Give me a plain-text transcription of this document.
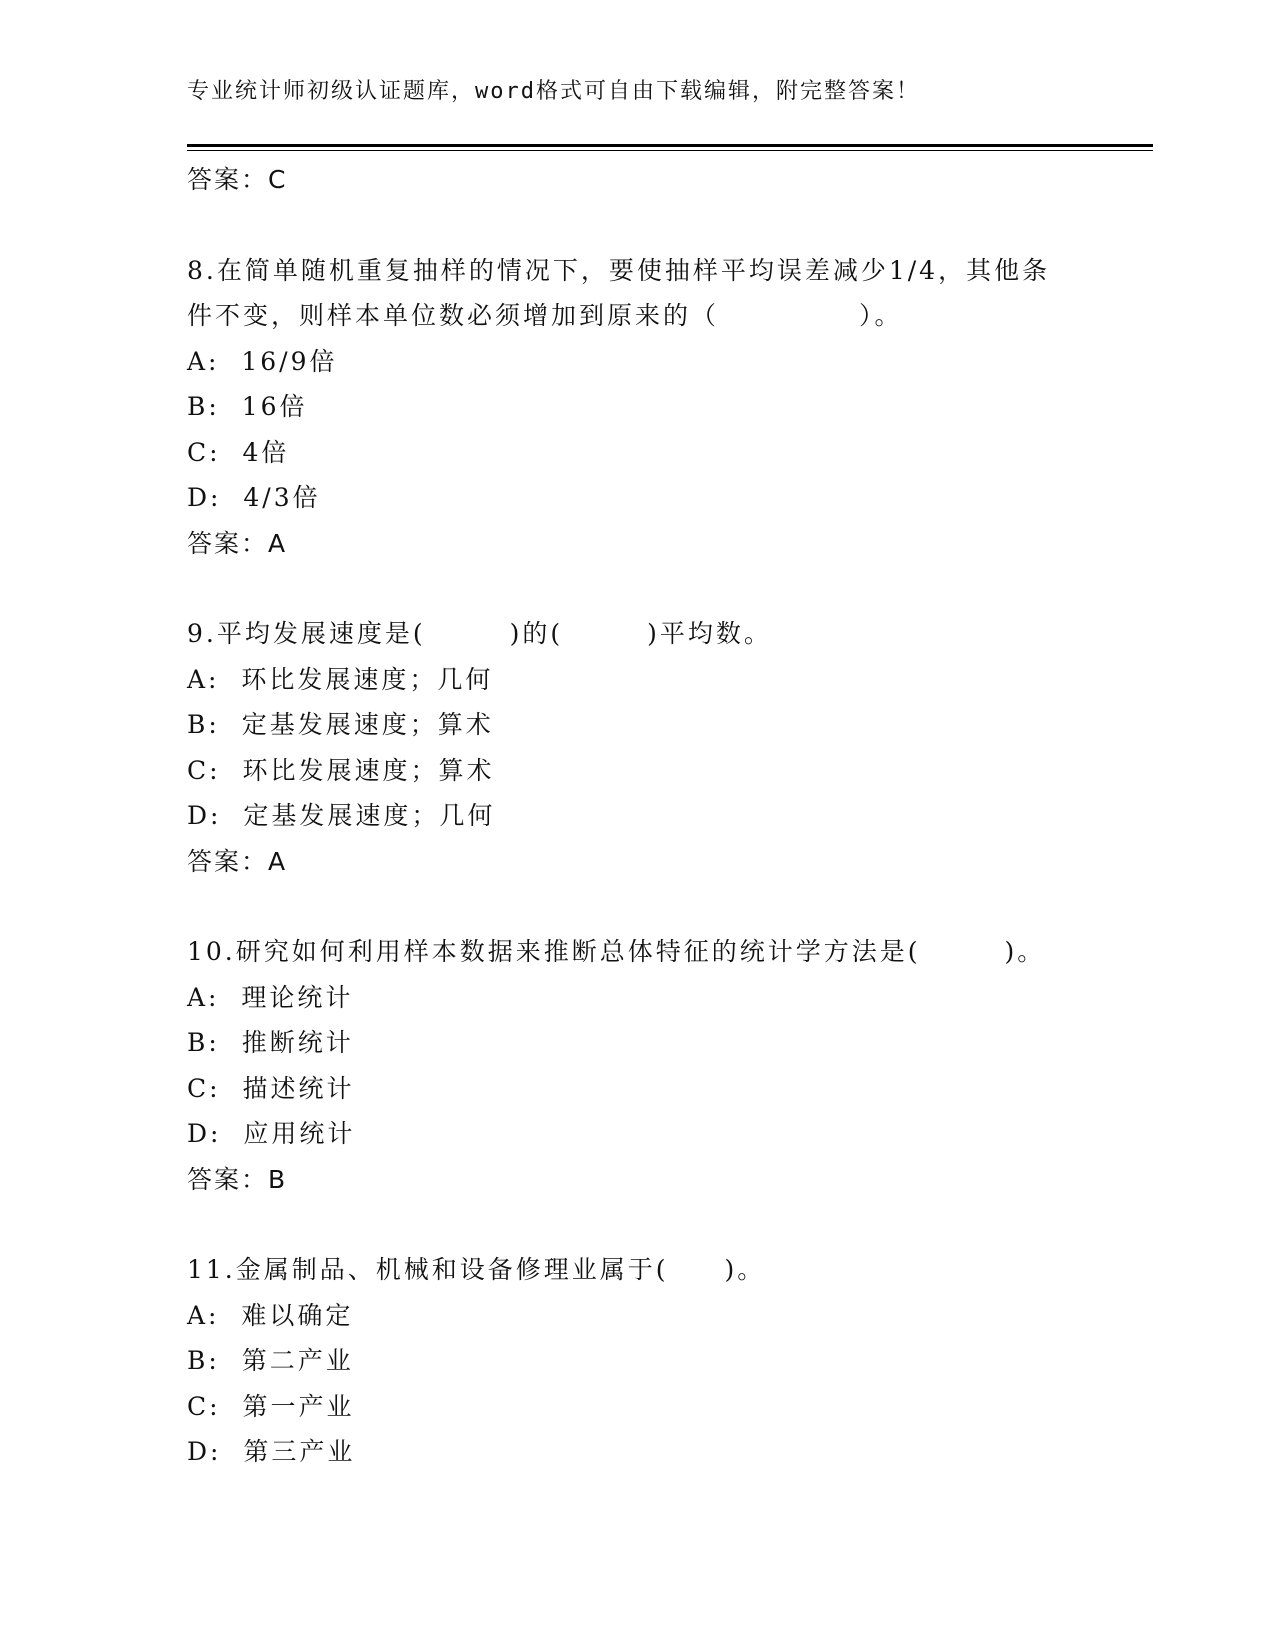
专业统计师初级认证题库，word格式可自由下载编辑，附完整答案！
答案：C
8.在简单随机重复抽样的情况下，要使抽样平均误差减少1/4，其他条
件不变，则样本单位数必须增加到原来的（　　　　　）。
A:  16/9倍
B:  16倍
C:  4倍
D:  4/3倍
答案：A
9.平均发展速度是(　　　)的(　　　)平均数。
A:  环比发展速度；几何
B:  定基发展速度；算术
C:  环比发展速度；算术
D:  定基发展速度；几何
答案：A
10.研究如何利用样本数据来推断总体特征的统计学方法是(　　　)。
A:  理论统计
B:  推断统计
C:  描述统计
D:  应用统计
答案：B
11.金属制品、机械和设备修理业属于(　　)。
A:  难以确定
B:  第二产业
C:  第一产业
D:  第三产业
